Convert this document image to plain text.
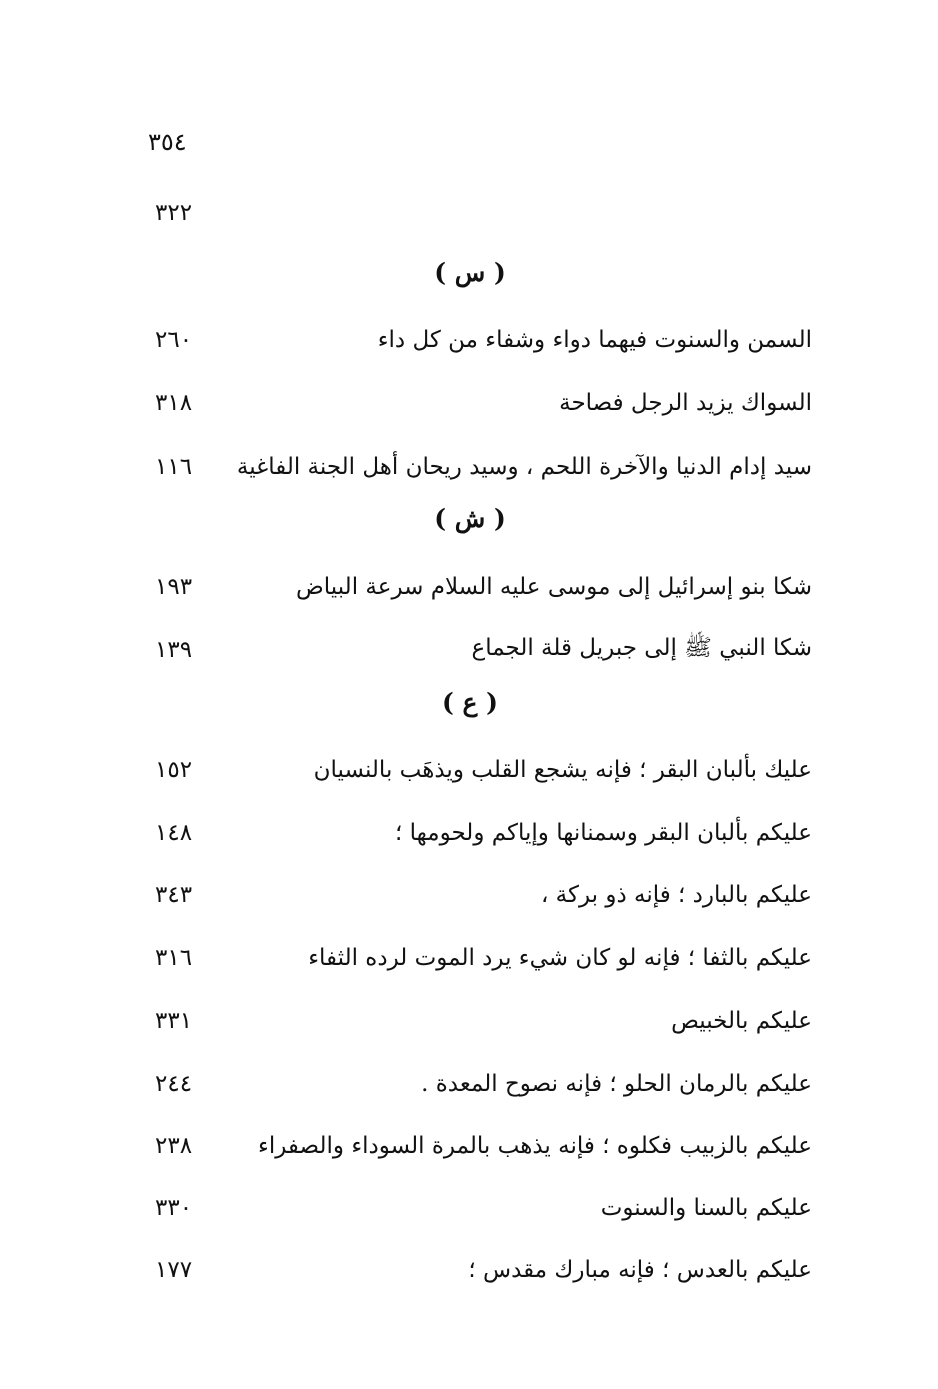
٣٥٤
٣٢٢
( س )
٢٦٠	السمن والسنوت فيهما دواء وشفاء من كل داء
٣١٨	السواك يزيد الرجل فصاحة
١١٦	سيد إدام الدنيا والآخرة اللحم ، وسيد ريحان أهل الجنة الفاغية
( ش )
١٩٣	شكا بنو إسرائيل إلى موسى عليه السلام سرعة البياض
١٣٩	شكا النبي ﷺ إلى جبريل قلة الجماع
( ع )
١٥٢	عليك بألبان البقر ؛ فإنه يشجع القلب ويذهَب بالنسيان
١٤٨	عليكم بألبان البقر وسمنانها وإياكم ولحومها ؛
٣٤٣	عليكم بالبارد ؛ فإنه ذو بركة ،
٣١٦	عليكم بالثفا ؛ فإنه لو كان شيء يرد الموت لرده الثفاء
٣٣١	عليكم بالخبيص
٢٤٤	عليكم بالرمان الحلو ؛ فإنه نصوح المعدة .
٢٣٨	عليكم بالزبيب فكلوه ؛ فإنه يذهب بالمرة السوداء والصفراء
٣٣٠	عليكم بالسنا والسنوت
١٧٧	عليكم بالعدس ؛ فإنه مبارك مقدس ؛
